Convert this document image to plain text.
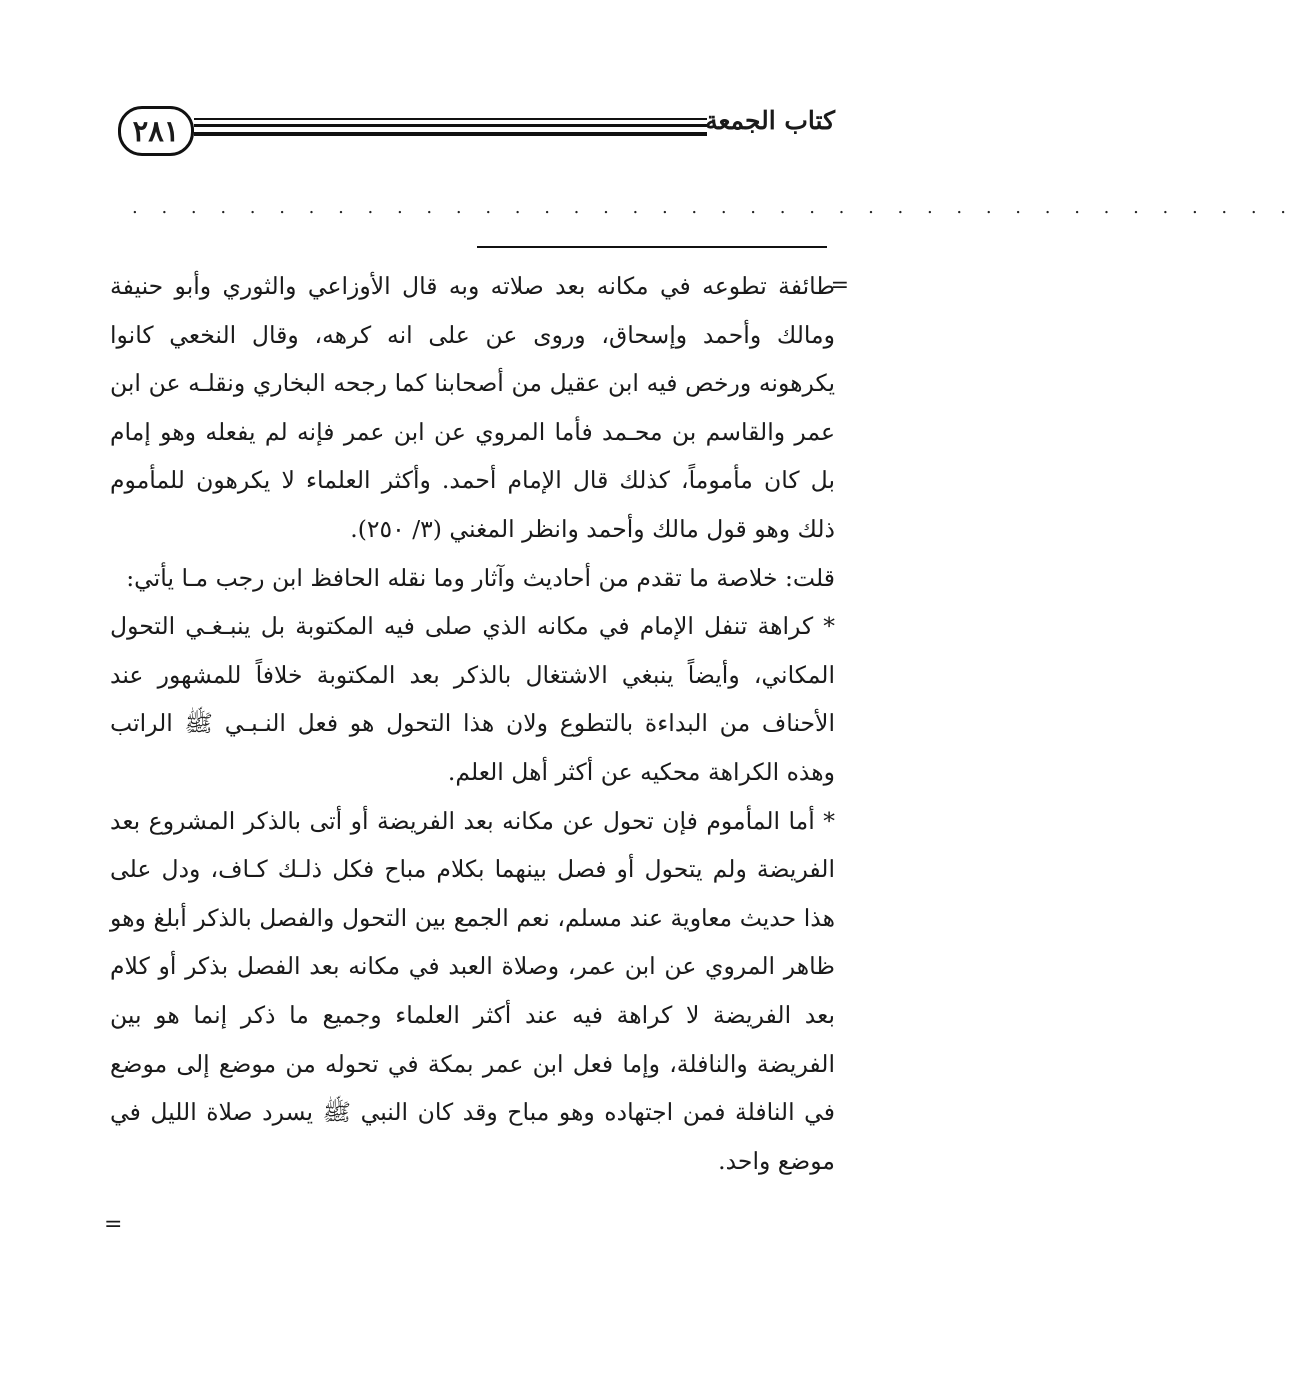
٢٨١	كتاب الجمعة
. . . . . . . . . . . . . . . . . . . . . . . . . . . . . . . . . . . . . . . .
=

طائفة تطوعه في مكانه بعد صلاته وبه قال الأوزاعي والثوري وأبو حنيفة ومالك وأحمد وإسحاق، وروى عن على انه كرهه، وقال النخعي كانوا يكرهونه ورخص فيه ابن عقيل من أصحابنا كما رجحه البخاري ونقلـه عن ابن عمر والقاسم بن محـمد فأما المروي عن ابن عمر فإنه لم يفعله وهو إمام بل كان مأموماً، كذلك قال الإمام أحمد. وأكثر العلماء لا يكرهون للمأموم ذلك وهو قول مالك وأحمد وانظر المغني (٣/ ٢٥٠).

قلت: خلاصة ما تقدم من أحاديث وآثار وما نقله الحافظ ابن رجب مـا يأتي:

* كراهة تنفل الإمام في مكانه الذي صلى فيه المكتوبة بل ينبـغـي التحول المكاني، وأيضاً ينبغي الاشتغال بالذكر بعد المكتوبة خلافاً للمشهور عند الأحناف من البداءة بالتطوع ولان هذا التحول هو فعل النـبـي ﷺ الراتب وهذه الكراهة محكيه عن أكثر أهل العلم.

* أما المأموم فإن تحول عن مكانه بعد الفريضة أو أتى بالذكر المشروع بعد الفريضة ولم يتحول أو فصل بينهما بكلام مباح فكل ذلـك كـاف، ودل على هذا حديث معاوية عند مسلم، نعم الجمع بين التحول والفصل بالذكر أبلغ وهو ظاهر المروي عن ابن عمر، وصلاة العبد في مكانه بعد الفصل بذكر أو كلام بعد الفريضة لا كراهة فيه عند أكثر العلماء وجميع ما ذكر إنما هو بين الفريضة والنافلة، وإما فعل ابن عمر بمكة في تحوله من موضع إلى موضع في النافلة فمن اجتهاده وهو مباح وقد كان النبي ﷺ يسرد صلاة الليل في موضع واحد.

=
